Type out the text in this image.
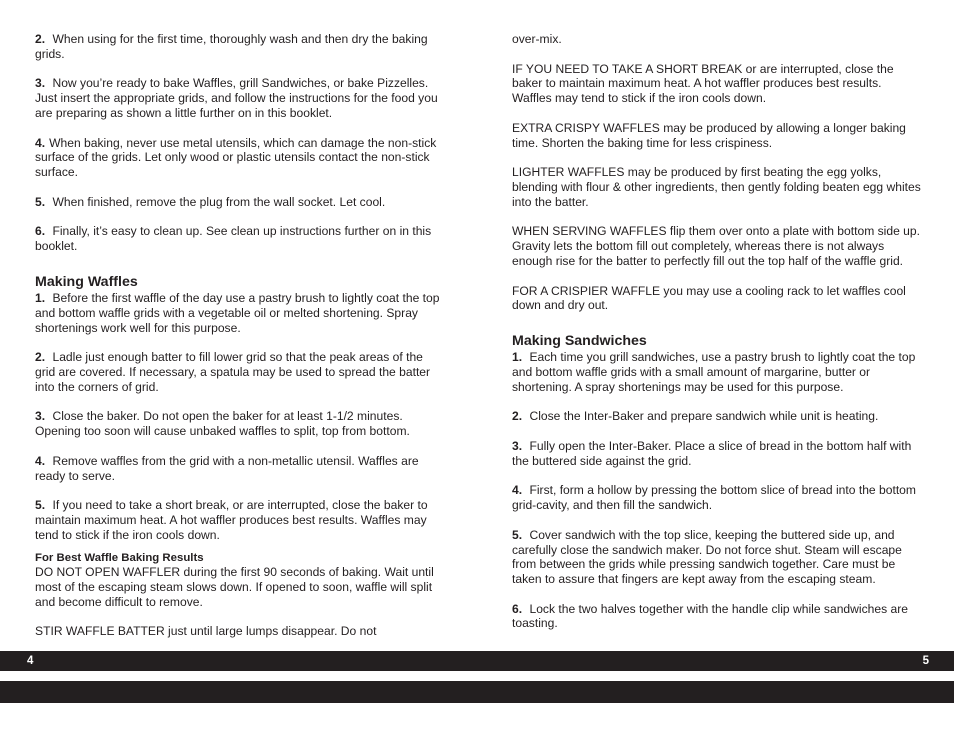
2. When using for the first time, thoroughly wash and then dry the baking grids.

3. Now you’re ready to bake Waffles, grill Sandwiches, or bake Pizzelles. Just insert the appropriate grids, and follow the instructions for the food you are preparing as shown a little further on in this booklet.

4. When baking, never use metal utensils, which can damage the non-stick surface of the grids. Let only wood or plastic utensils contact the non-stick surface.

5. When finished, remove the plug from the wall socket. Let cool.

6. Finally, it’s easy to clean up. See clean up instructions further on in this booklet.

Making Waffles

1. Before the first waffle of the day use a pastry brush to lightly coat the top and bottom waffle grids with a vegetable oil or melted shortening. Spray shortenings work well for this purpose.

2. Ladle just enough batter to fill lower grid so that the peak areas of the grid are covered. If necessary, a spatula may be used to spread the batter into the corners of grid.

3. Close the baker. Do not open the baker for at least 1-1/2 minutes. Opening too soon will cause unbaked waffles to split, top from bottom.

4. Remove waffles from the grid with a non-metallic utensil. Waffles are ready to serve.

5. If you need to take a short break, or are interrupted, close the baker to maintain maximum heat. A hot waffler produces best results. Waffles may tend to stick if the iron cools down.

For Best Waffle Baking Results

DO NOT OPEN WAFFLER during the first 90 seconds of baking. Wait until most of the escaping steam slows down. If opened to soon, waffle will split and become difficult to remove.

STIR WAFFLE BATTER just until large lumps disappear. Do not

over-mix.

IF YOU NEED TO TAKE A SHORT BREAK or are interrupted, close the baker to maintain maximum heat. A hot waffler produces best results. Waffles may tend to stick if the iron cools down.

EXTRA CRISPY WAFFLES may be produced by allowing a longer baking time. Shorten the baking time for less crispiness.

LIGHTER WAFFLES may be produced by first beating the egg yolks, blending with flour & other ingredients, then gently folding beaten egg whites into the batter.

WHEN SERVING WAFFLES flip them over onto a plate with bottom side up. Gravity lets the bottom fill out completely, whereas there is not always enough rise for the batter to perfectly fill out the top half of the waffle grid.

FOR A CRISPIER WAFFLE you may use a cooling rack to let waffles cool down and dry out.

Making Sandwiches

1. Each time you grill sandwiches, use a pastry brush to lightly coat the top and bottom waffle grids with a small amount of margarine, butter or shortening. A spray shortenings may be used for this purpose.

2. Close the Inter-Baker and prepare sandwich while unit is heating.

3. Fully open the Inter-Baker. Place a slice of bread in the bottom half with the buttered side against the grid.

4. First, form a hollow by pressing the bottom slice of bread into the bottom grid-cavity, and then fill the sandwich.

5. Cover sandwich with the top slice, keeping the buttered side up, and carefully close the sandwich maker. Do not force shut. Steam will escape from between the grids while pressing sandwich together. Care must be taken to assure that fingers are kept away from the escaping steam.

6. Lock the two halves together with the handle clip while sandwiches are toasting.

4	5
